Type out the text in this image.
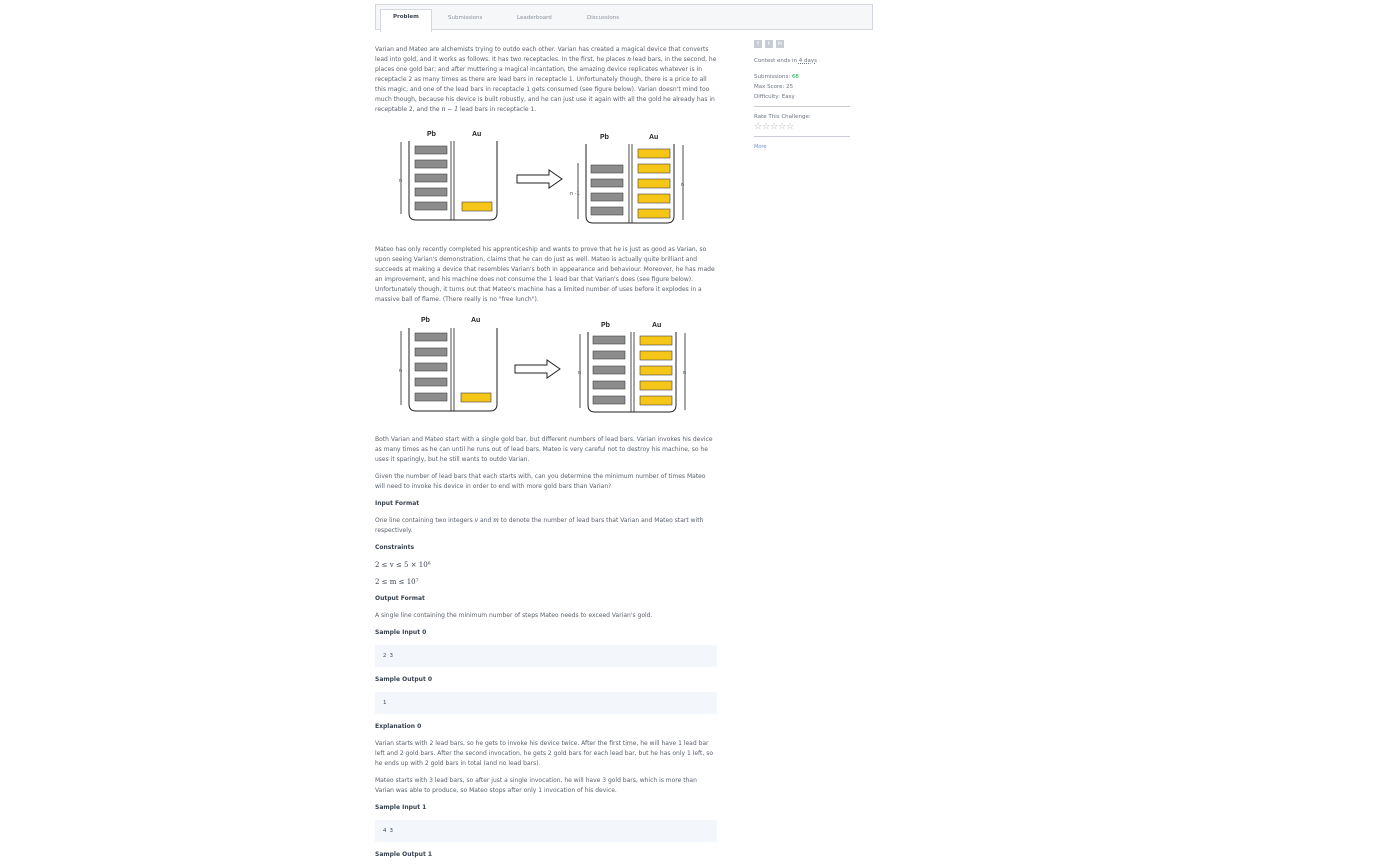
Problem	Submissions	Leaderboard	Discussions

Varian and Mateo are alchemists trying to outdo each other. Varian has created a magical device that converts lead into gold, and it works as follows. It has two receptacles. In the first, he places n lead bars, in the second, he places one gold bar; and after muttering a magical incantation, the amazing device replicates whatever is in receptacle 2 as many times as there are lead bars in receptacle 1. Unfortunately though, there is a price to all this magic, and one of the lead bars in receptacle 1 gets consumed (see figure below). Varian doesn't mind too much though, because his device is built robustly, and he can just use it again with all the gold he already has in receptable 2, and the n − 1 lead bars in receptacle 1.

Pb	Au
n
Pb	Au
n -1
n

Mateo has only recently completed his apprenticeship and wants to prove that he is just as good as Varian, so upon seeing Varian's demonstration, claims that he can do just as well. Mateo is actually quite brilliant and succeeds at making a device that resembles Varian's both in appearance and behaviour. Moreover, he has made an improvement, and his machine does not consume the 1 lead bar that Varian's does (see figure below). Unfortunately though, it turns out that Mateo's machine has a limited number of uses before it explodes in a massive ball of flame. (There really is no "free lunch").

Pb	Au
n
Pb	Au
n	n

Both Varian and Mateo start with a single gold bar, but different numbers of lead bars. Varian invokes his device as many times as he can until he runs out of lead bars. Mateo is very careful not to destroy his machine, so he uses it sparingly, but he still wants to outdo Varian.

Given the number of lead bars that each starts with, can you determine the minimum number of times Mateo will need to invoke his device in order to end with more gold bars than Varian?

Input Format

One line containing two integers v and m to denote the number of lead bars that Varian and Mateo start with respectively.

Constraints
2 ≤ v ≤ 5 × 10⁶
2 ≤ m ≤ 10⁷
Output Format

A single line containing the minimum number of steps Mateo needs to exceed Varian's gold.

Sample Input 0
2 3
Sample Output 0
1
Explanation 0

Varian starts with 2 lead bars, so he gets to invoke his device twice. After the first time, he will have 1 lead bar left and 2 gold bars. After the second invocation, he gets 2 gold bars for each lead bar, but he has only 1 left, so he ends up with 2 gold bars in total (and no lead bars).

Mateo starts with 3 lead bars, so after just a single invocation, he will have 3 gold bars, which is more than Varian was able to produce, so Mateo stops after only 1 invocation of his device.

Sample Input 1
4 3
Sample Output 1
f	t	in

Contest ends in 4 days

Submissions: 68

Max Score: 25

Difficulty: Easy

Rate This Challenge:

☆☆☆☆☆
More
